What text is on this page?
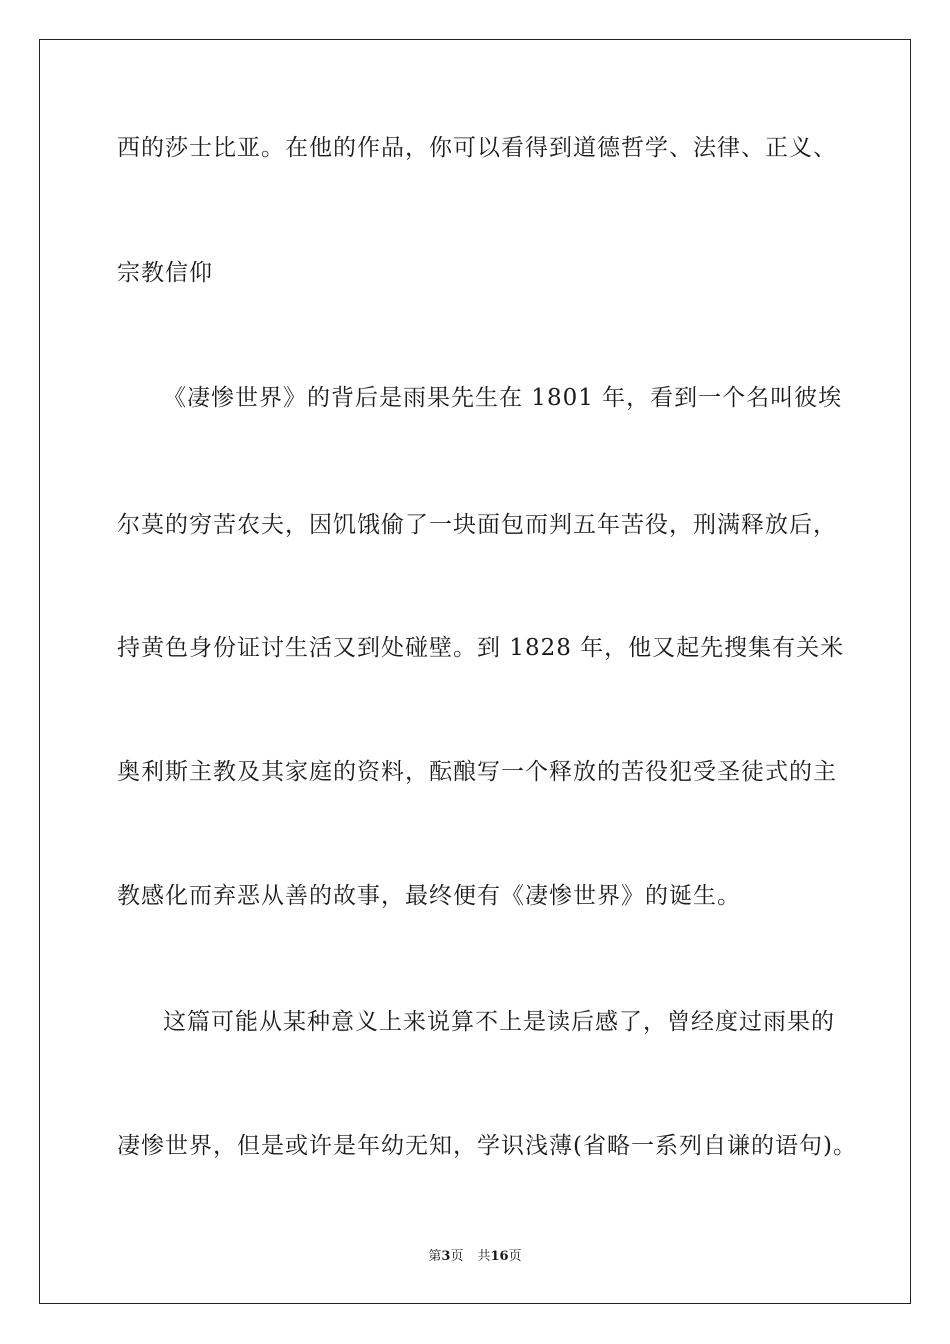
西的莎士比亚。在他的作品，你可以看得到道德哲学、法律、正义、
宗教信仰
《凄惨世界》的背后是雨果先生在 1801 年，看到一个名叫彼埃
尔莫的穷苦农夫，因饥饿偷了一块面包而判五年苦役，刑满释放后，
持黄色身份证讨生活又到处碰壁。到 1828 年，他又起先搜集有关米
奥利斯主教及其家庭的资料，酝酿写一个释放的苦役犯受圣徒式的主
教感化而弃恶从善的故事，最终便有《凄惨世界》的诞生。
这篇可能从某种意义上来说算不上是读后感了，曾经度过雨果的
凄惨世界，但是或许是年幼无知，学识浅薄(省略一系列自谦的语句)。
第3页 共16页
